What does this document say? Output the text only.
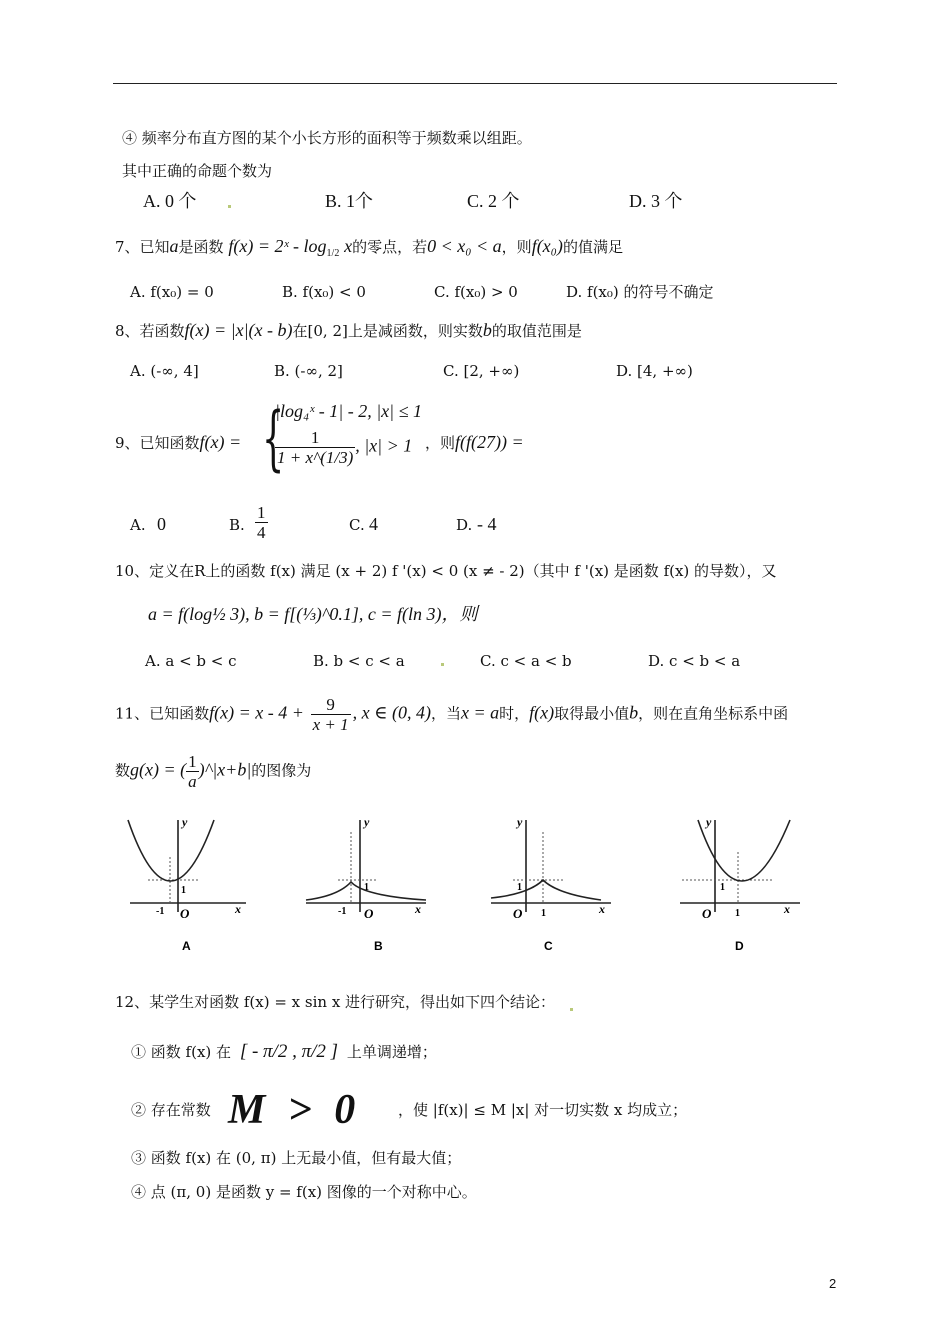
④ 频率分布直方图的某个小长方形的面积等于频数乘以组距。
其中正确的命题个数为
A. 0 个	B. 1个	C. 2 个	D. 3 个
7、已知a是函数 f(x) = 2ˣ - $\log_{1/2} x$的零点，若0 < x₀ < a，则f(x₀)的值满足
A. f(x₀) = 0	B. f(x₀) < 0	C. f(x₀) > 0	D. f(x₀) 的符号不确定
8、若函数f(x) = |x|(x - b)在[0, 2]上是减函数，则实数b的取值范围是
A. (-∞, 4]	B. (-∞, 2]	C. [2, +∞)	D. [4, +∞)
9、已知函数f(x) = {
|log₄ˣ - 1| - 2, |x| ≤ 1
$\frac{1}{1 + x\^{}(1/3)}$ , |x| > 1 ，则f(f(27)) =
A. 0	B. $\frac{1}{4}$	C. 4	D. - 4
10、定义在R上的函数 f(x) 满足 (x + 2) f '(x) < 0 (x ≠ - 2)（其中 f '(x) 是函数 f(x) 的导数），又
a = f(log½ 3), b = f[(⅓)^0.1], c = f(ln 3)，则
A. a < b < c	B. b < c < a	C. c < a < b	D. c < b < a
11、已知函数$f(x) = x - 4 + \frac{9}{x + 1}$ , x ∈ (0, 4)，当x = a时，f(x)取得最小值b，则在直角坐标系中函
数g(x) = ( $\frac{1}{a}$ )^|x+b|的图像为
y
x
-1 O
1
A
y
x
-1 O
1
B
y
x
O
1
1
C
y
x
O
1
1
D
12、某学生对函数 f(x) = x sin x 进行研究，得出如下四个结论：
① 函数 f(x) 在 [ - π/2 , π/2 ] 上单调递增；
② 存在常数 M > 0 ，使 |f(x)| ≤ M |x| 对一切实数 x 均成立；
③ 函数 f(x) 在 (0, π) 上无最小值，但有最大值；
④ 点 (π, 0) 是函数 y = f(x) 图像的一个对称中心。
2
